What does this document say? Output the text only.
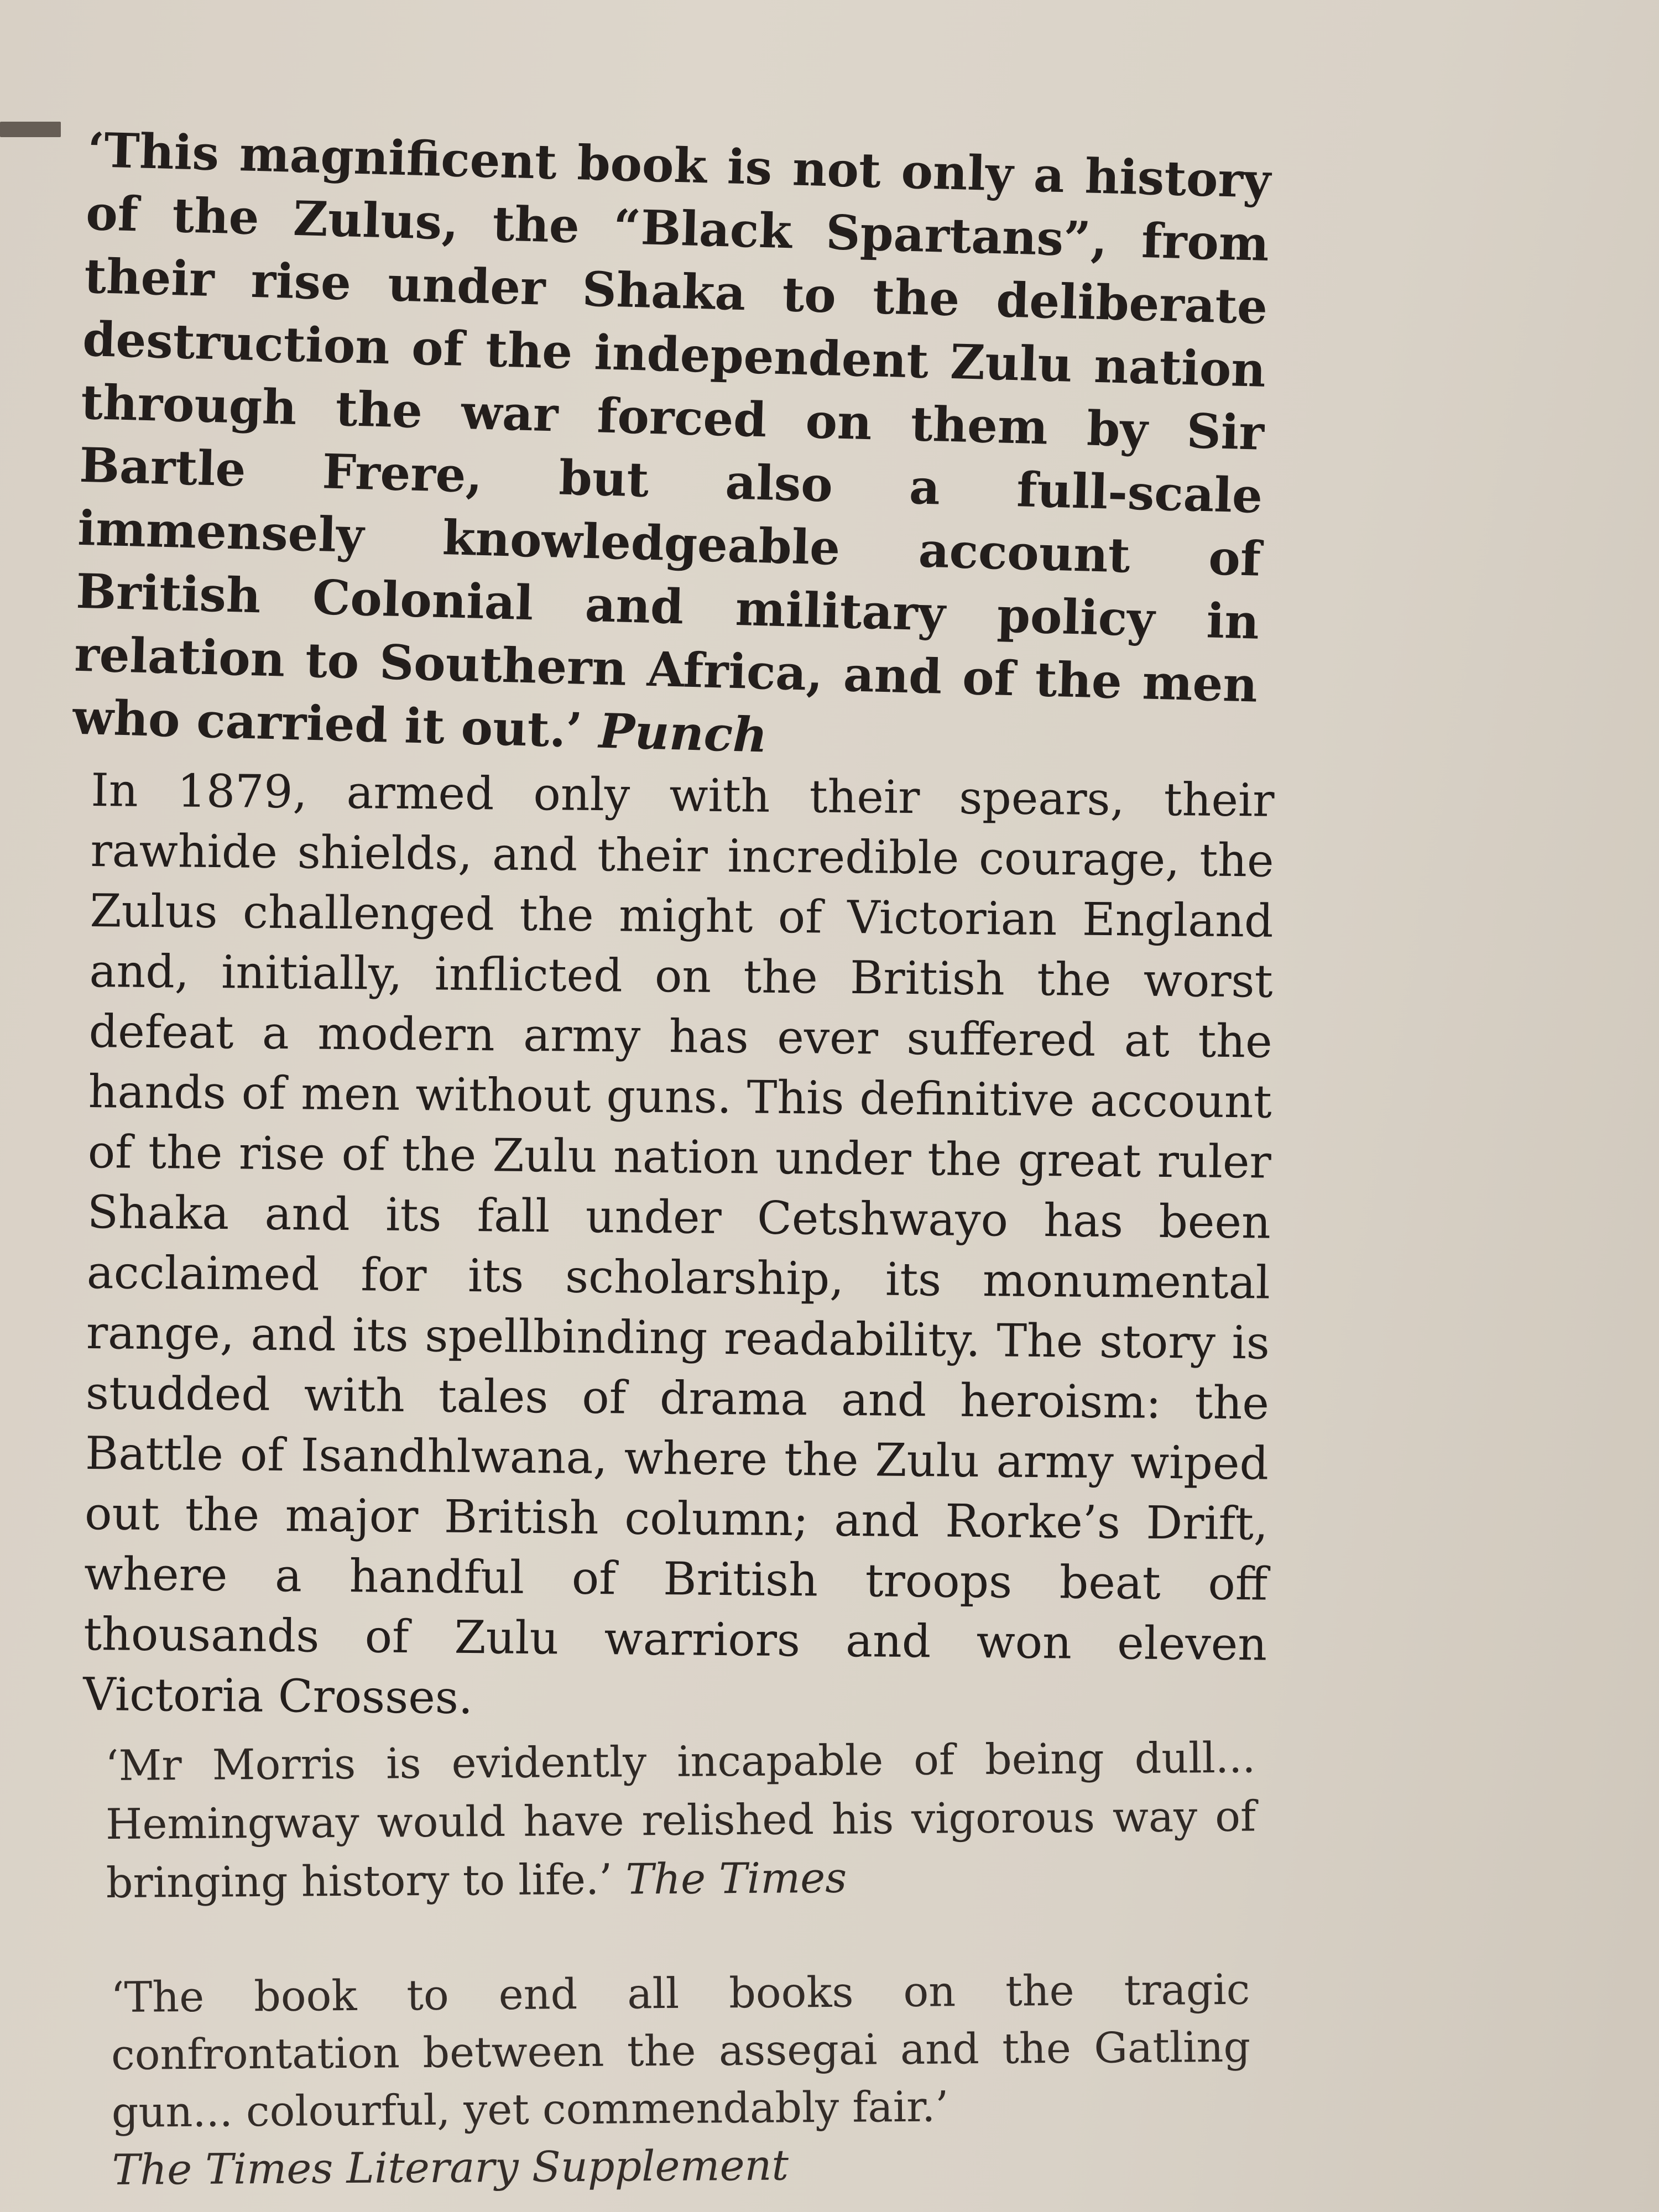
‘This magnificent book is not only a history of the Zulus, the “Black Spartans”, from their rise under Shaka to the deliberate destruction of the independent Zulu nation through the war forced on them by Sir Bartle Frere, but also a full-scale immensely knowledgeable account of British Colonial and military policy in relation to Southern Africa, and of the men who carried it out.’ Punch

In 1879, armed only with their spears, their rawhide shields, and their incredible courage, the Zulus challenged the might of Victorian England and, initially, inflicted on the British the worst defeat a modern army has ever suffered at the hands of men without guns. This definitive account of the rise of the Zulu nation under the great ruler Shaka and its fall under Cetshwayo has been acclaimed for its scholarship, its monumental range, and its spellbinding readability. The story is studded with tales of drama and heroism: the Battle of Isandhlwana, where the Zulu army wiped out the major British column; and Rorke’s Drift, where a handful of British troops beat off thousands of Zulu warriors and won eleven Victoria Crosses.

‘Mr Morris is evidently incapable of being dull... Hemingway would have relished his vigorous way of bringing history to life.’ The Times

‘The book to end all books on the tragic confrontation between the assegai and the Gatling gun... colourful, yet commendably fair.’
The Times Literary Supplement
